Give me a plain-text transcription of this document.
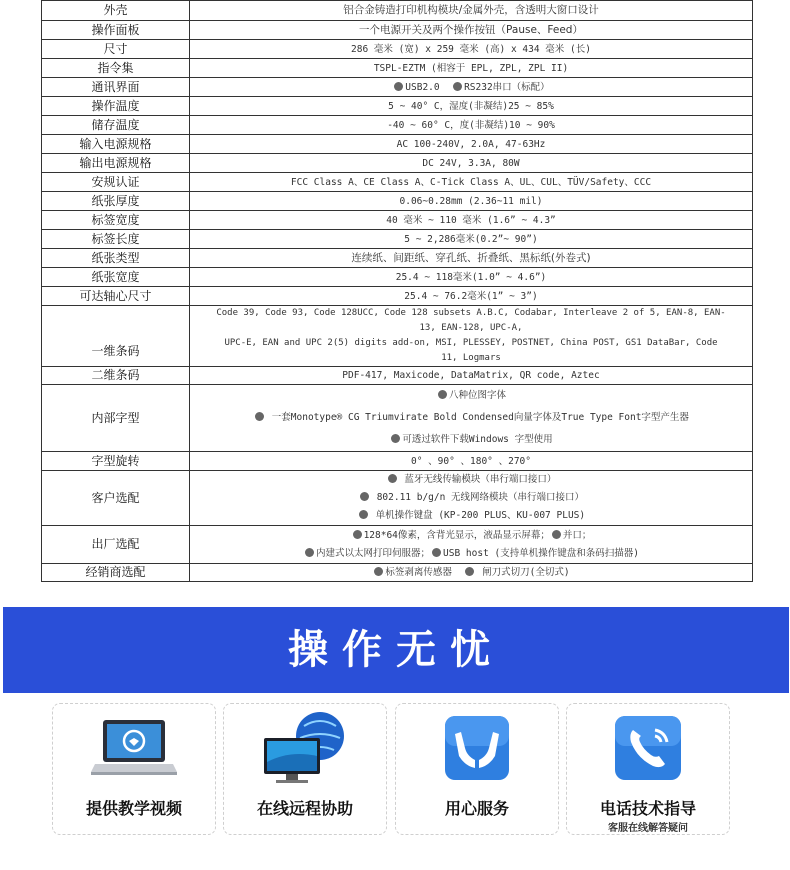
外壳	铝合金铸造打印机构模块/金属外壳，含透明大窗口设计
操作面板	一个电源开关及两个操作按钮（Pause、Feed）
尺寸	286 毫米 (宽) x 259 毫米 (高) x 434 毫米 (长)
指令集	TSPL-EZTM (相容于 EPL, ZPL, ZPL II)
通讯界面	USB2.0 RS232串口（标配）
操作温度	5 ~ 40° C，湿度(非凝结)25 ~ 85%
储存温度	-40 ~ 60° C，度(非凝结)10 ~ 90%
输入电源规格	AC 100-240V, 2.0A, 47-63Hz
输出电源规格	DC 24V, 3.3A, 80W
安规认证	FCC Class A、CE Class A、C-Tick Class A、UL、CUL、TÜV/Safety、CCC
纸张厚度	0.06~0.28mm (2.36~11 mil)
标签宽度	40 毫米 ~ 110 毫米 (1.6” ~ 4.3”
标签长度	5 ~ 2,286毫米(0.2”~ 90”)
纸张类型	连续纸、间距纸、穿孔纸、折叠纸、黑标纸(外卷式)
纸张宽度	25.4 ~ 118毫米(1.0” ~ 4.6”)
可达轴心尺寸	25.4 ~ 76.2毫米(1” ~ 3”)
一维条码	Code 39, Code 93, Code 128UCC, Code 128 subsets A.B.C, Codabar, Interleave 2 of 5, EAN-8, EAN-
13, EAN-128, UPC-A,
UPC-E, EAN and UPC 2(5) digits add-on, MSI, PLESSEY, POSTNET, China POST, GS1 DataBar, Code
11, Logmars

二维条码	PDF-417, Maxicode, DataMatrix, QR code, Aztec
内部字型	八种位图字体
一套Monotype® CG Triumvirate Bold Condensed向量字体及True Type Font字型产生器
可透过软件下载Windows 字型使用

字型旋转	0° 、90° 、180° 、270°
客户选配	蓝牙无线传输模块（串行端口接口）
802.11 b/g/n 无线网络模块（串行端口接口）
单机操作键盘 (KP-200 PLUS、KU-007 PLUS)

出厂选配	128*64像素，含背光显示，液晶显示屏幕； 并口；
内建式以太网打印伺服器； USB host (支持单机操作键盘和条码扫描器)

经销商选配	标签剥离传感器 闸刀式切刀(全切式)
操作无忧
提供教学视频	在线远程协助	用心服务	电话技术指导
客服在线解答疑问
